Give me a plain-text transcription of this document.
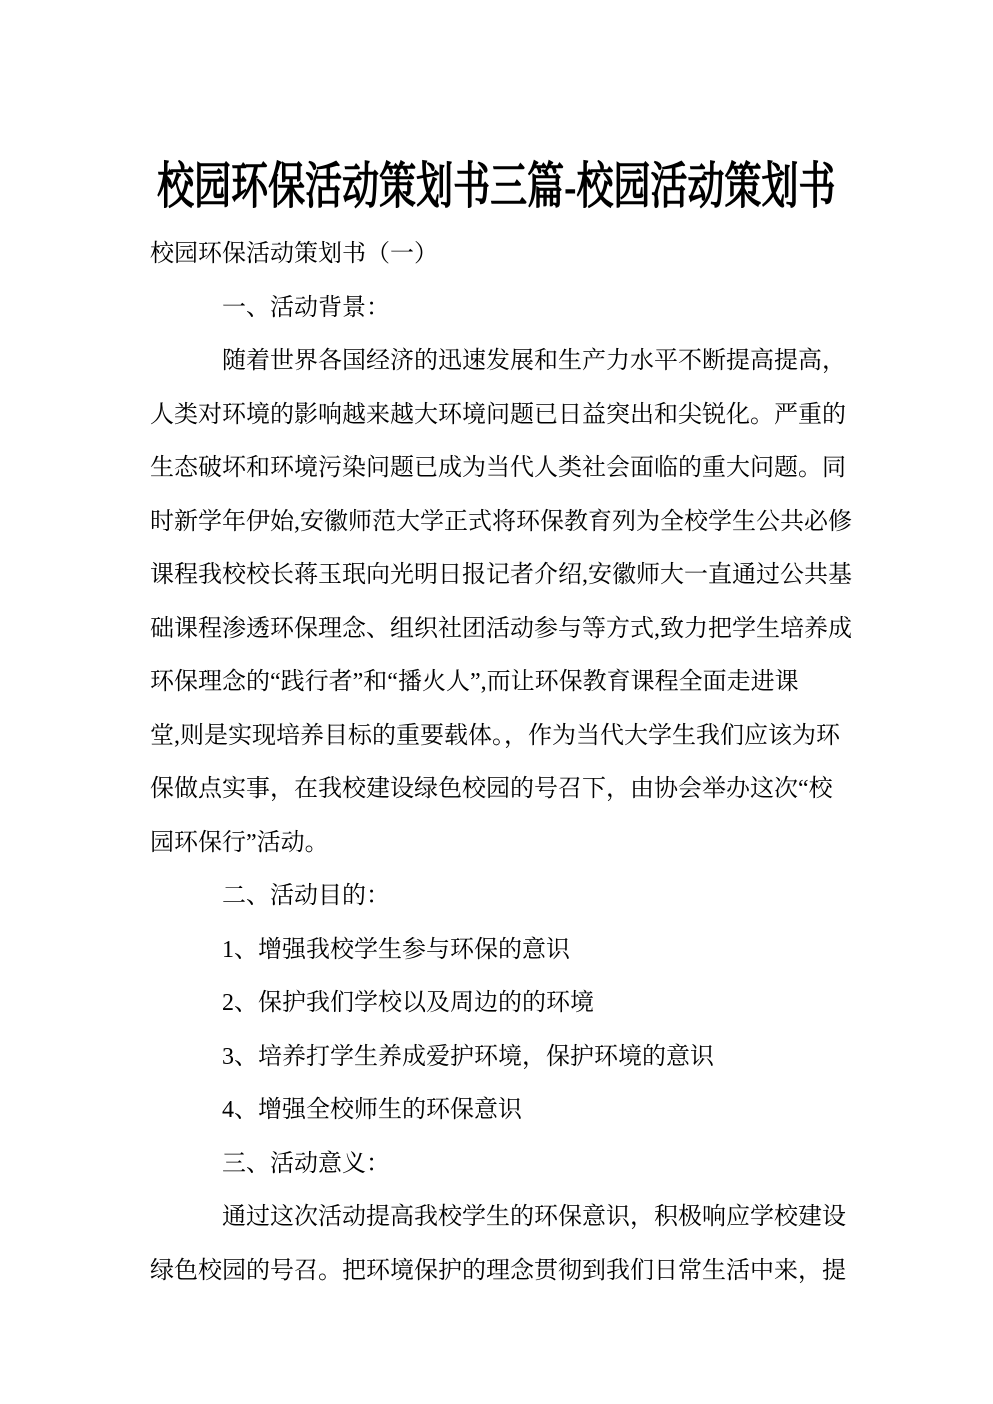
校园环保活动策划书三篇-校园活动策划书
校园环保活动策划书（一）
一、活动背景：
随着世界各国经济的迅速发展和生产力水平不断提高提高，
人类对环境的影响越来越大环境问题已日益突出和尖锐化。严重的
生态破坏和环境污染问题已成为当代人类社会面临的重大问题。同
时新学年伊始,安徽师范大学正式将环保教育列为全校学生公共必修
课程我校校长蒋玉珉向光明日报记者介绍,安徽师大一直通过公共基
础课程渗透环保理念、组织社团活动参与等方式,致力把学生培养成
环保理念的“践行者”和“播火人”,而让环保教育课程全面走进课
堂,则是实现培养目标的重要载体。，作为当代大学生我们应该为环
保做点实事，在我校建设绿色校园的号召下，由协会举办这次“校
园环保行”活动。
二、活动目的：
1、增强我校学生参与环保的意识
2、保护我们学校以及周边的的环境
3、培养打学生养成爱护环境，保护环境的意识
4、增强全校师生的环保意识
三、活动意义：
通过这次活动提高我校学生的环保意识，积极响应学校建设
绿色校园的号召。把环境保护的理念贯彻到我们日常生活中来，提
